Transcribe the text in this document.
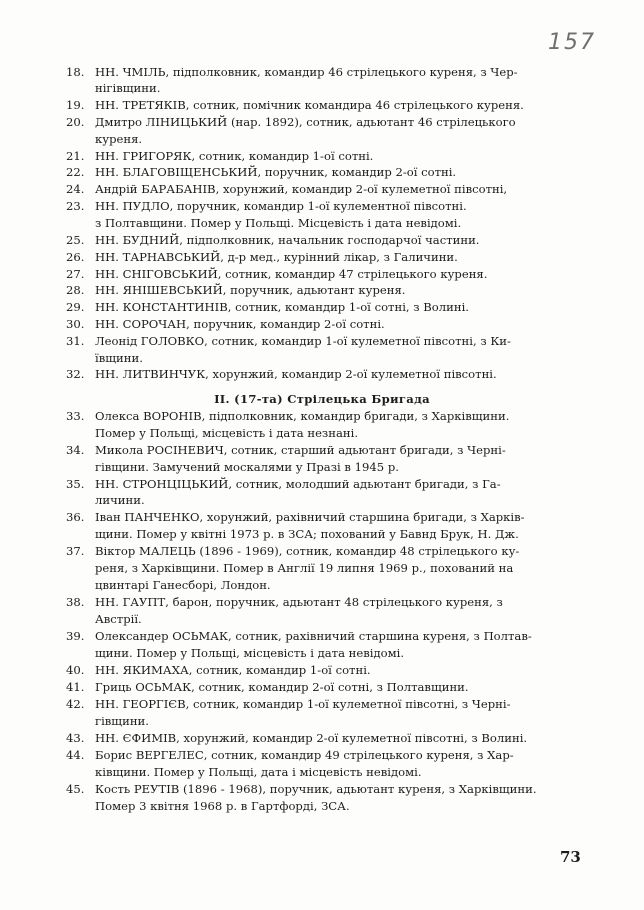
157
18. НН. ЧМІЛЬ, підполковник, командир 46 стрілецького куреня, з Чер-
нігівщини.
19. НН. ТРЕТЯКІВ, сотник, помічник командира 46 стрілецького куреня.
20. Дмитро ЛІНИЦЬКИЙ (нар. 1892), сотник, адьютант 46 стрілецького
куреня.
21. НН. ГРИГОРЯК, сотник, командир 1-ої сотні.
22. НН. БЛАГОВІЩЕНСЬКИЙ, поручник, командир 2-ої сотні.
24. Андрій БАРАБАНІВ, хорунжий, командир 2-ої кулеметної півсотні,
23. НН. ПУДЛО, поручник, командир 1-ої кулементної півсотні.
з Полтавщини. Помер у Польщі. Місцевість і дата невідомі.
25. НН. БУДНИЙ, підполковник, начальник господарчої частини.
26. НН. ТАРНАВСЬКИЙ, д-р мед., курінний лікар, з Галичини.
27. НН. СНІГОВСЬКИЙ, сотник, командир 47 стрілецького куреня.
28. НН. ЯНІШЕВСЬКИЙ, поручник, адьютант куреня.
29. НН. КОНСТАНТИНІВ, сотник, командир 1-ої сотні, з Волині.
30. НН. СОРОЧАН, поручник, командир 2-ої сотні.
31. Леонід ГОЛОВКО, сотник, командир 1-ої кулеметної півсотні, з Ки-
ївщини.
32. НН. ЛИТВИНЧУК, хорунжий, командир 2-ої кулеметної півсотні.
33. Олекса ВОРОНІВ, підполковник, командир бригади, з Харківщини.
Помер у Польщі, місцевість і дата незнані.
34. Микола РОСІНЕВИЧ, сотник, старший адьютант бригади, з Черні-
гівщини. Замучений москалями у Празі в 1945 р.
35. НН. СТРОНЦІЦЬКИЙ, сотник, молодший адьютант бригади, з Га-
личини.
36. Іван ПАНЧЕНКО, хорунжий, рахівничий старшина бригади, з Харків-
щини. Помер у квітні 1973 р. в ЗСА; похований у Бавнд Брук, Н. Дж.
37. Віктор МАЛЕЦЬ (1896 - 1969), сотник, командир 48 стрілецького ку-
реня, з Харківщини. Помер в Англії 19 липня 1969 р., похований на
цвинтарі Ганесборі, Лондон.
38. НН. ГАУПТ, барон, поручник, адьютант 48 стрілецького куреня, з
Австрії.
39. Олександер ОСЬМАК, сотник, рахівничий старшина куреня, з Полтав-
щини. Помер у Польщі, місцевість і дата невідомі.
40. НН. ЯКИМАХА, сотник, командир 1-ої сотні.
41. Гриць ОСЬМАК, сотник, командир 2-ої сотні, з Полтавщини.
42. НН. ГЕОРГІЄВ, сотник, командир 1-ої кулеметної півсотні, з Черні-
гівщини.
43. НН. ЄФИМІВ, хорунжий, командир 2-ої кулеметної півсотні, з Волині.
44. Борис ВЕРГЕЛЕС, сотник, командир 49 стрілецького куреня, з Хар-
ківщини. Помер у Польщі, дата і місцевість невідомі.
45. Кость РЕУТІВ (1896 - 1968), поручник, адьютант куреня, з Харківщини.
Помер 3 квітня 1968 р. в Гартфорді, ЗСА.
II. (17-та) Стрілецька Бригада
73
